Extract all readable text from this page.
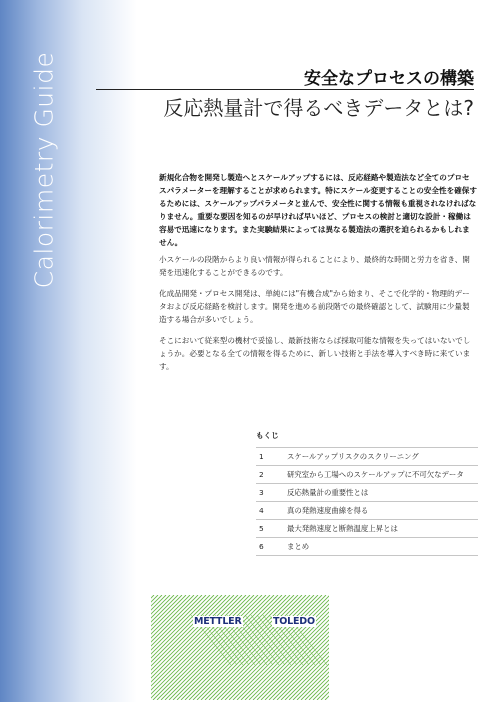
Calorimetry Guide	安全なプロセスの構築
反応熱量計で得るべきデータとは?

新規化合物を開発し製造へとスケールアップするには、反応経路や製造法など全てのプロセスパラメーターを理解することが求められます。特にスケール変更することの安全性を確保するためには、スケールアップパラメータと並んで、安全性に関する情報も重視されなければなりません。重要な要因を知るのが早ければ早いほど、プロセスの検討と適切な設計・稼働は容易で迅速になります。また実験結果によっては異なる製造法の選択を迫られるかもしれません。

小スケールの段階からより良い情報が得られることにより、最終的な時間と労力を省き、開発を迅速化することができるのです。

化成品開発・プロセス開発は、単純には"有機合成"から始まり、そこで化学的・物理的データおよび反応経路を検討します。開発を進める前段階での最終確認として、試験用に少量製造する場合が多いでしょう。

そこにおいて従来型の機材で妥協し、最新技術ならば採取可能な情報を失ってはいないでしょうか。必要となる全ての情報を得るために、新しい技術と手法を導入すべき時に来ています。

もくじ
1	スケールアップリスクのスクリーニング
2	研究室から工場へのスケールアップに不可欠なデータ
3	反応熱量計の重要性とは
4	真の発熱速度曲線を得る
5	最大発熱速度と断熱温度上昇とは
6	まとめ
METTLER	TOLEDO
